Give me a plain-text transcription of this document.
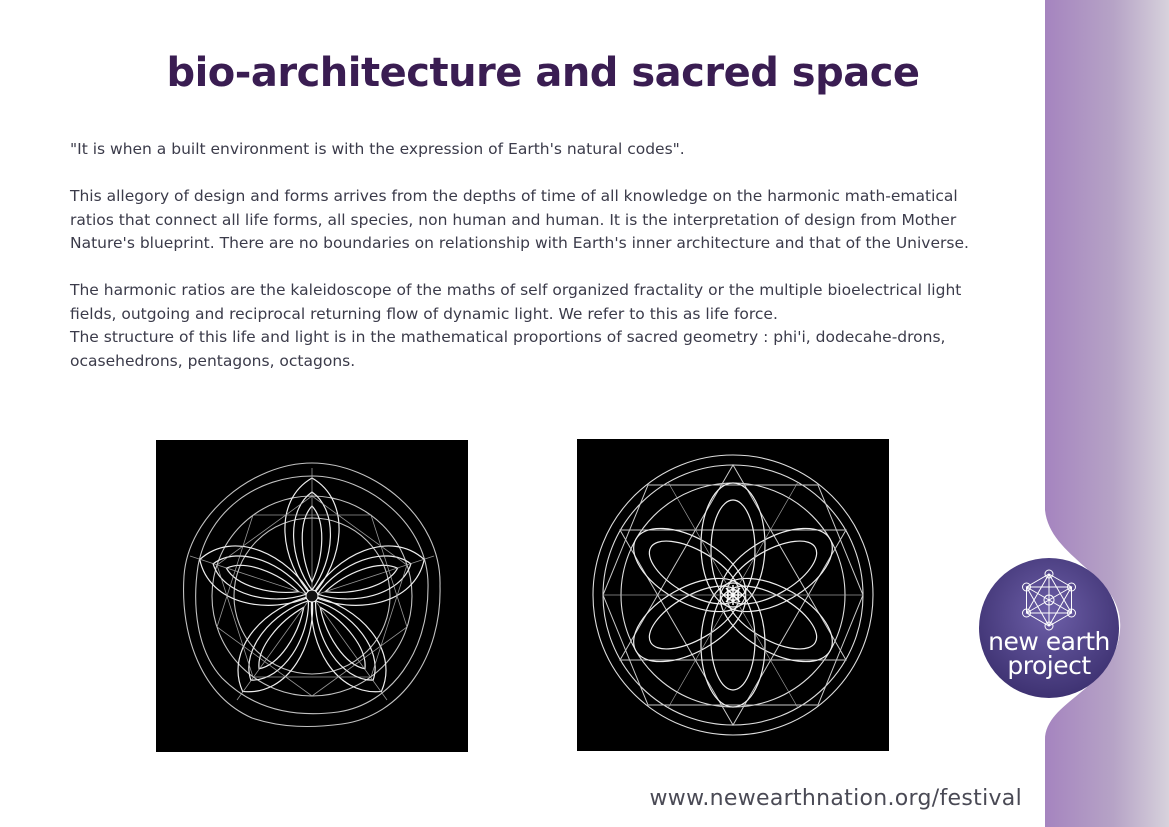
bio-architecture and sacred space

"It is when a built environment is with the expression of Earth's natural codes".

This allegory of design and forms arrives from the depths of time of all knowledge on the harmonic math-ematical ratios that connect all life forms, all species, non human and human. It is the interpretation of design from Mother Nature's blueprint. There are no boundaries on relationship with Earth's inner architecture and that of the Universe.

The harmonic ratios are the kaleidoscope of the maths of self organized fractality or the multiple bioelectrical light fields, outgoing and reciprocal returning flow of dynamic light. We refer to this as life force.
The structure of this life and light is in the mathematical proportions of sacred geometry : phi'i, dodecahe-drons, ocasehedrons, pentagons, octagons.

new earth
project
www.newearthnation.org/festival
